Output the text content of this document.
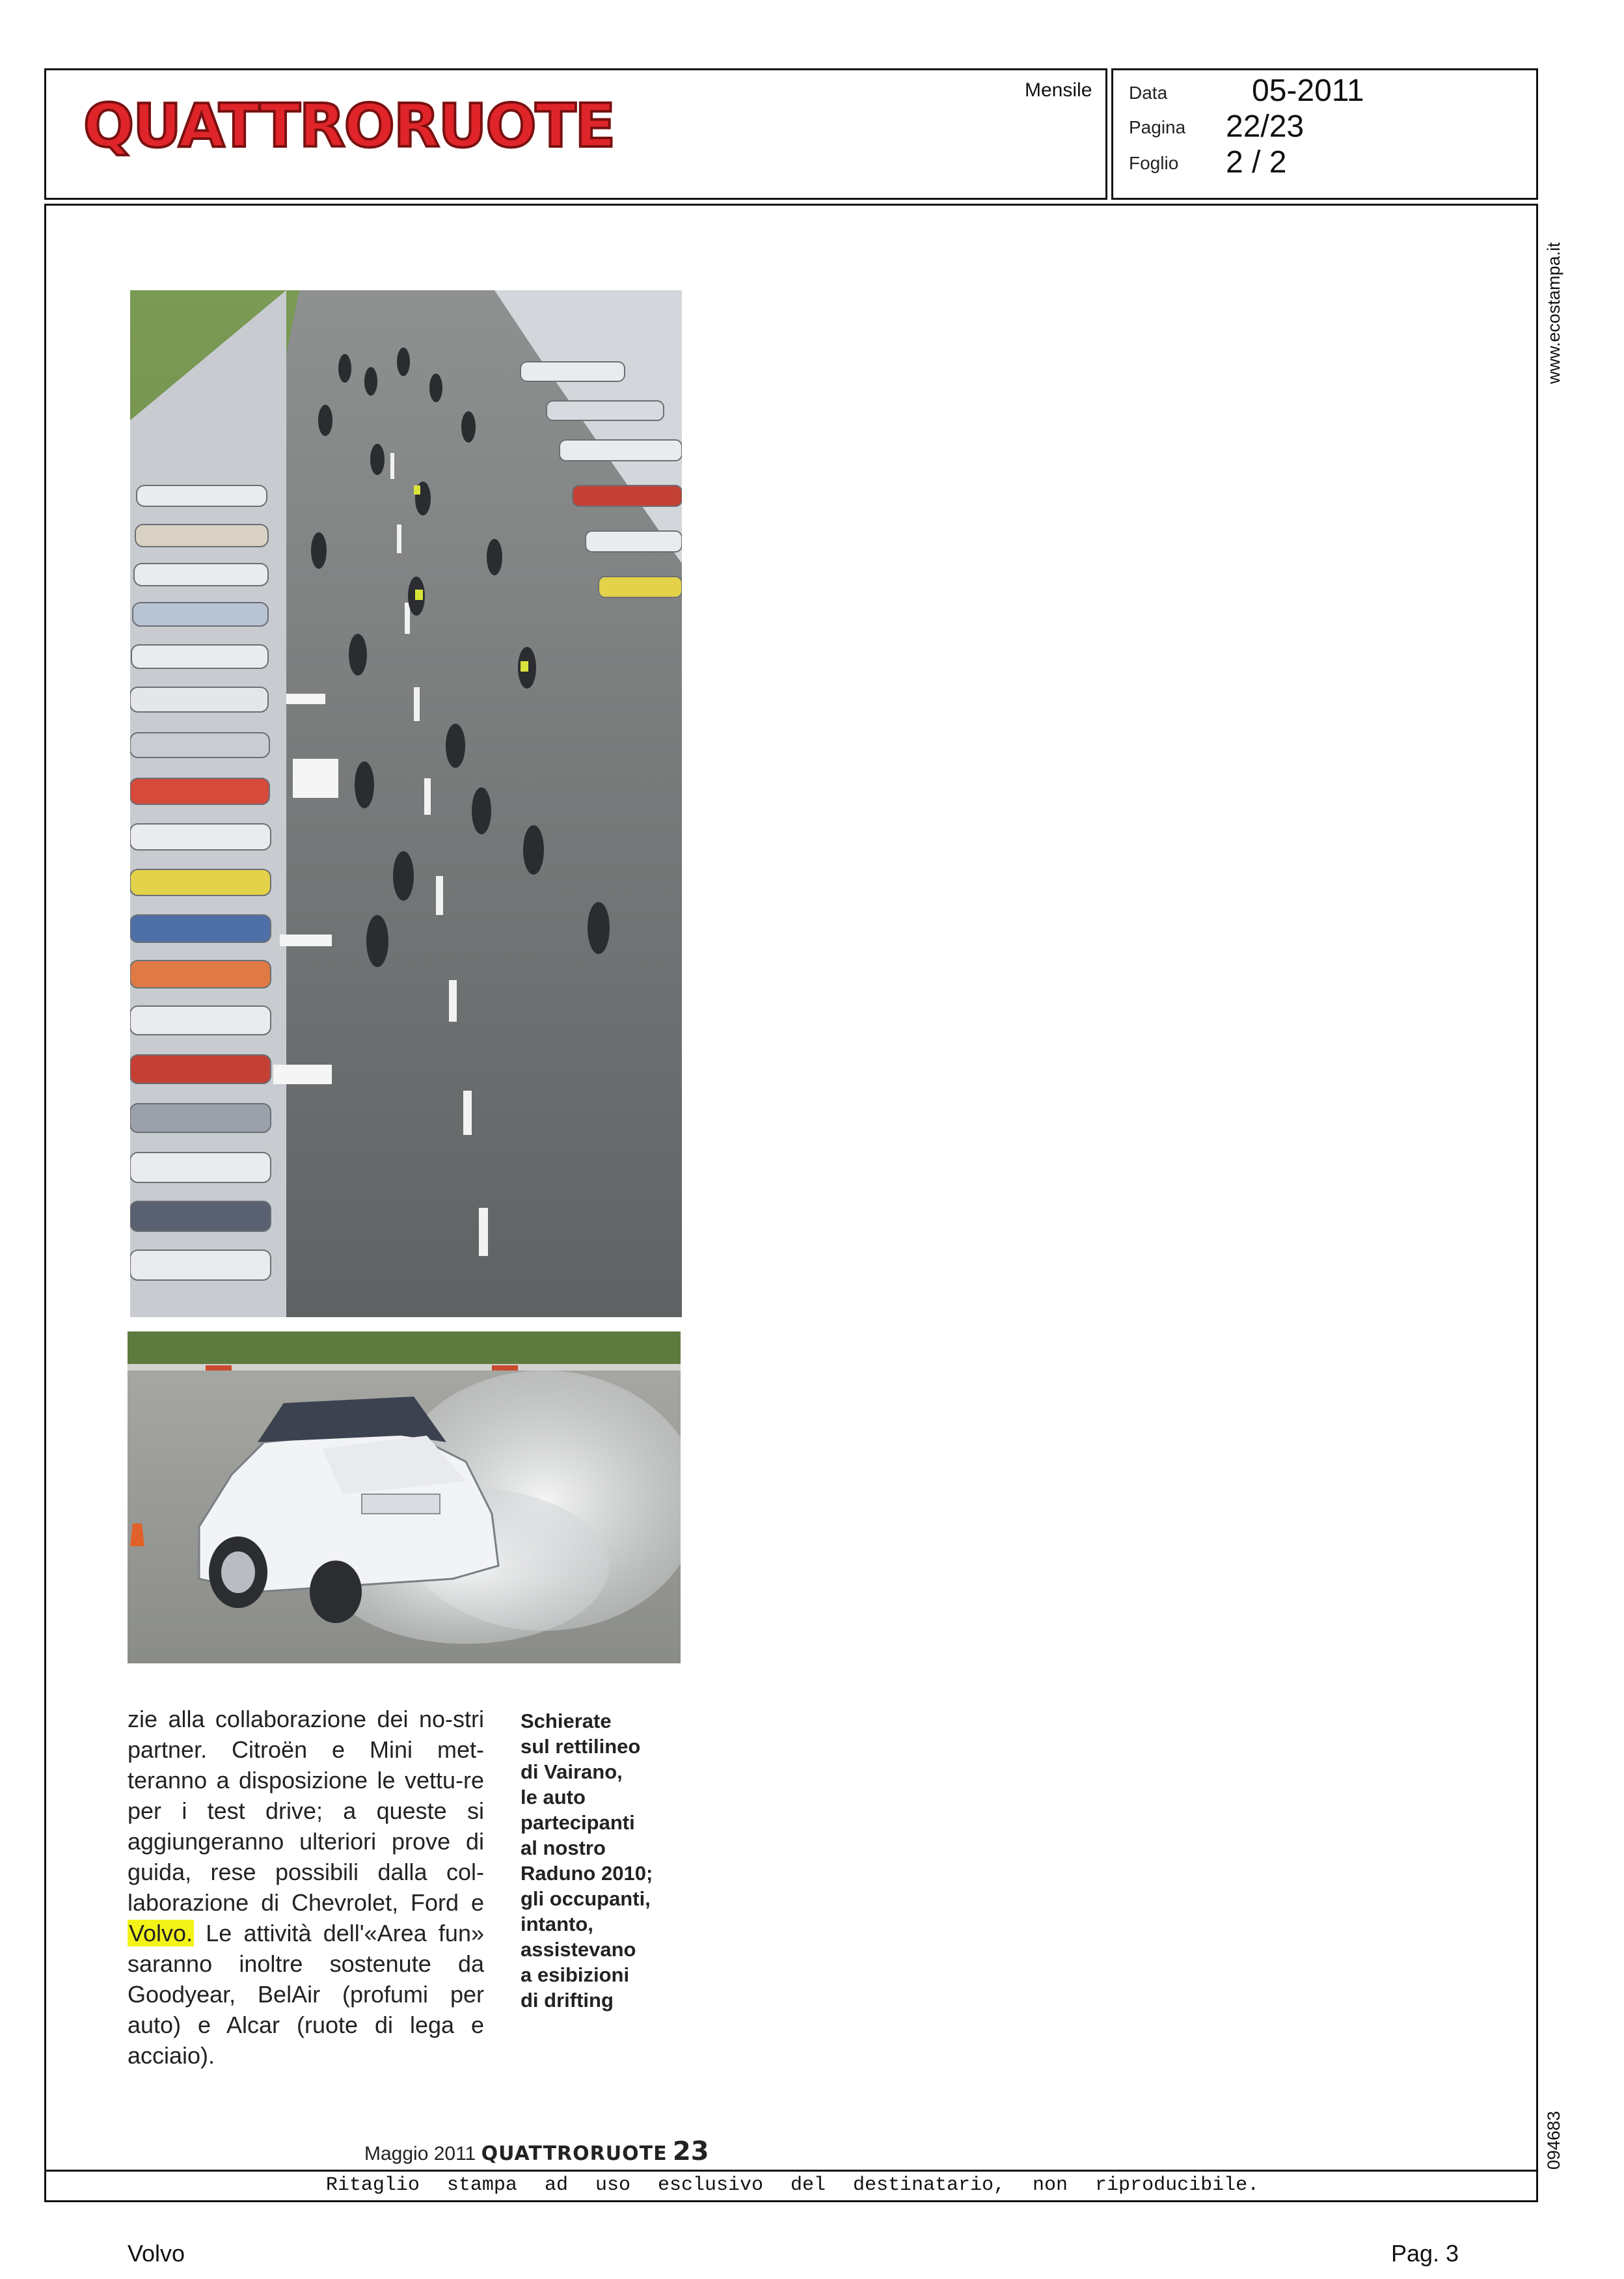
QUATTRORUOTE
Mensile Data	05-2011
Pagina 22/23
Foglio 2 / 2
www.ecostampa.it
094683

zie alla collaborazione dei no-stri partner. Citroën e Mini met-teranno a disposizione le vettu-re per i test drive; a queste si aggiungeranno ulteriori prove di guida, rese possibili dalla col-laborazione di Chevrolet, Ford e Volvo. Le attività dell'«Area fun» saranno inoltre sostenute da Goodyear, BelAir (profumi per auto) e Alcar (ruote di lega e acciaio).

Schierate
sul rettilineo
di Vairano,
le auto
partecipanti
al nostro
Raduno 2010;
gli occupanti,
intanto,
assistevano
a esibizioni
di drifting
Maggio 2011 QUATTRORUOTE 23
Ritaglio stampa ad uso esclusivo del destinatario, non riproducibile.
Volvo	Pag. 3
